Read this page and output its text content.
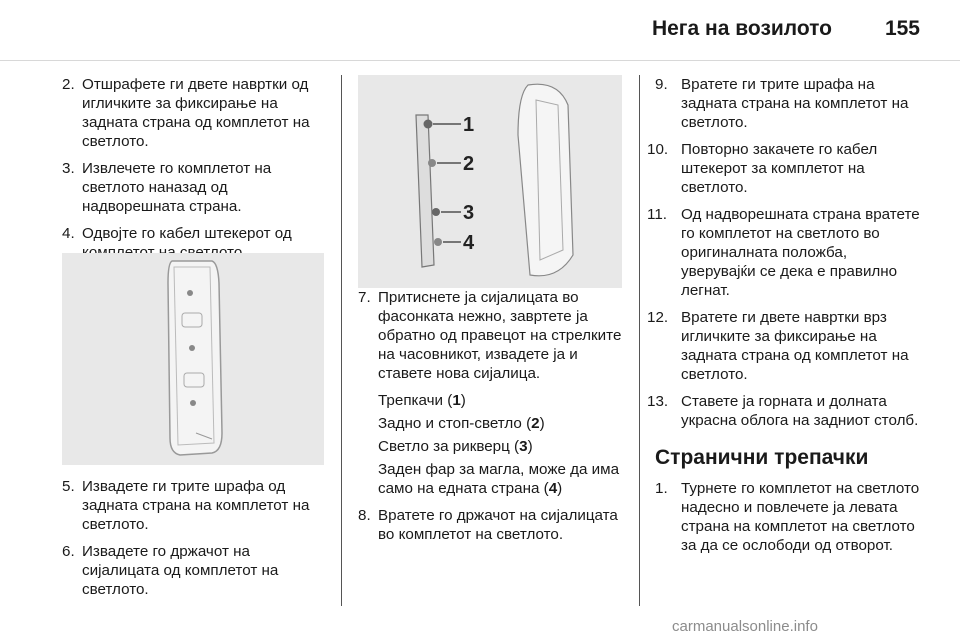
Нега на возилото	155
2. Отшрафете ги двете навртки од игличките за фиксирање на задната страна од комплетот на светлото.
3. Извлечете го комплетот на светлото наназад од надворешната страна.
4. Одвојте го кабел штекерот од
5. Извадете ги трите шрафа од задната страна на комплетот на светлото.
6. Извадете го држачот на сијалицата од комплетот на светлото.
1
2
3
4
7. Притиснете ја сијалицата во фасонката нежно, завртете ја обратно од правецот на стрелките на часовникот, извадете ја и ставете нова сијалица.
Трепкачи (1)
Задно и стоп-светло (2)
Светло за рикверц (3)
Заден фар за магла, може да има само на едната страна (4)
8. Вратете го држачот на сијалицата во комплетот на светлото.
9. Вратете ги трите шрафа на задната страна на комплетот на светлото.
10. Повторно закачете го кабел штекерот за комплетот на светлото.
11. Од надворешната страна вратете го комплетот на светлото во оригиналната положба, уверувајќи се дека е правилно легнат.
12. Вратете ги двете навртки врз игличките за фиксирање на задната страна од комплетот на светлото.
13. Ставете ја горната и долната украсна облога на задниот столб.
Странични трепачки
1. Турнете го комплетот на светлото надесно и повлечете ја левата страна на комплетот на светлото за да се ослободи од отворот.
carmanualsonline.info
